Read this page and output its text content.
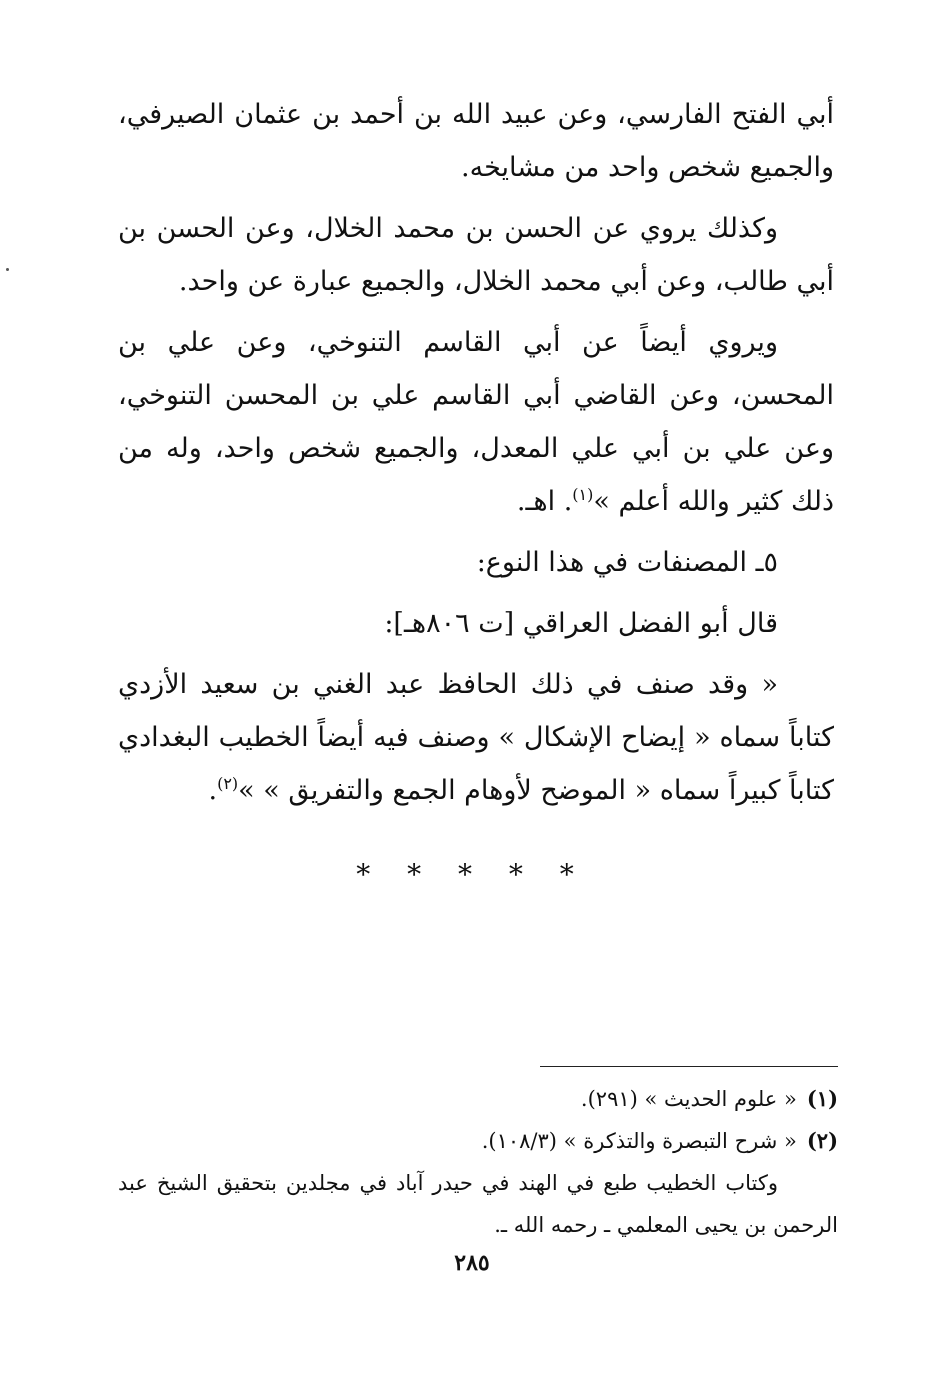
أبي الفتح الفارسي، وعن عبيد الله بن أحمد بن عثمان الصيرفي، والجميع شخص واحد من مشايخه.

وكذلك يروي عن الحسن بن محمد الخلال، وعن الحسن بن أبي طالب، وعن أبي محمد الخلال، والجميع عبارة عن واحد.

ويروي أيضاً عن أبي القاسم التنوخي، وعن علي بن المحسن، وعن القاضي أبي القاسم علي بن المحسن التنوخي، وعن علي بن أبي علي المعدل، والجميع شخص واحد، وله من ذلك كثير والله أعلم »$^{(١)}$. اهـ.

٥ـ المصنفات في هذا النوع:

قال أبو الفضل العراقي [ت ٨٠٦هـ]:

« وقد صنف في ذلك الحافظ عبد الغني بن سعيد الأزدي كتاباً سماه « إيضاح الإشكال » وصنف فيه أيضاً الخطيب البغدادي كتاباً كبيراً سماه « الموضح لأوهام الجمع والتفريق » »$^{(٢)}$.

* * * * *

(١)« علوم الحديث » (٢٩١).

(٢)« شرح التبصرة والتذكرة » (١٠٨/٣).

وكتاب الخطيب طبع في الهند في حيدر آباد في مجلدين بتحقيق الشيخ عبد الرحمن بن يحيى المعلمي ـ رحمه الله ـ.

٢٨٥
